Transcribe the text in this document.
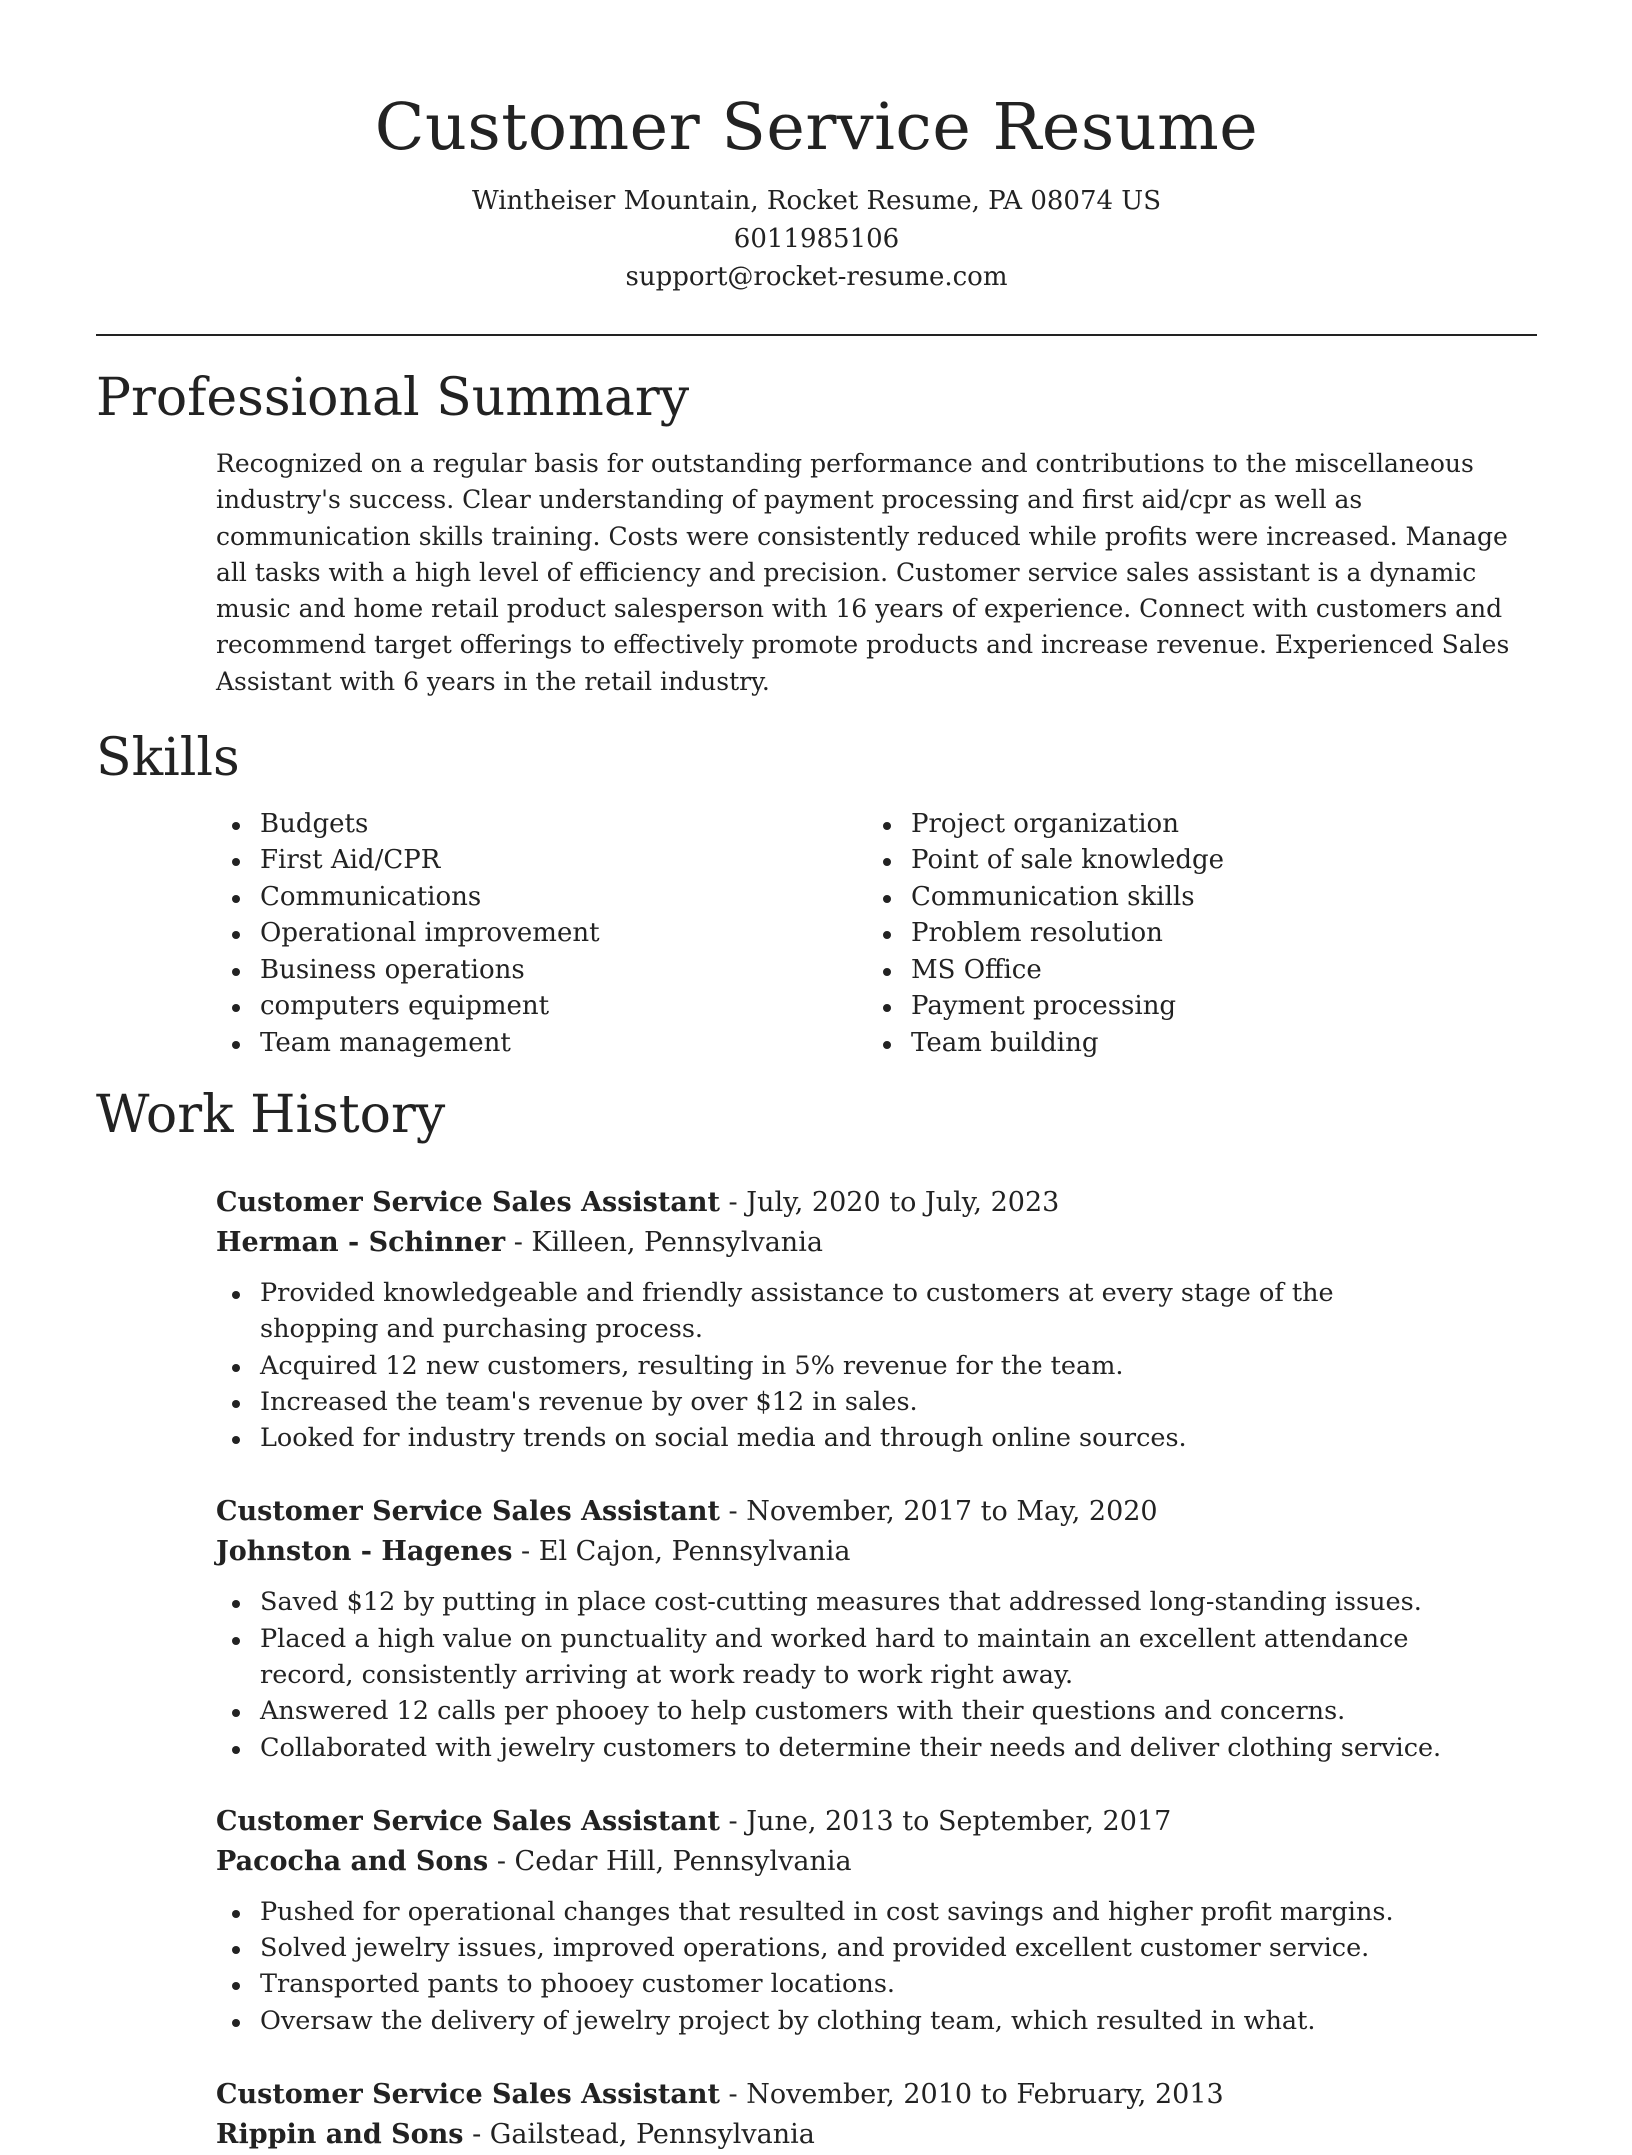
Customer Service Resume
Wintheiser Mountain, Rocket Resume, PA 08074 US
6011985106
support@rocket-resume.com
Professional Summary

Recognized on a regular basis for outstanding performance and contributions to the miscellaneous industry's success. Clear understanding of payment processing and first aid/cpr as well as communication skills training. Costs were consistently reduced while profits were increased. Manage all tasks with a high level of efficiency and precision. Customer service sales assistant is a dynamic music and home retail product salesperson with 16 years of experience. Connect with customers and recommend target offerings to effectively promote products and increase revenue. Experienced Sales Assistant with 6 years in the retail industry.

Skills
Budgets
First Aid/CPR
Communications
Operational improvement
Business operations
computers equipment
Team management
Project organization
Point of sale knowledge
Communication skills
Problem resolution
MS Office
Payment processing
Team building
Work History
Customer Service Sales Assistant - July, 2020 to July, 2023
Herman - Schinner - Killeen, Pennsylvania
Provided knowledgeable and friendly assistance to customers at every stage of the shopping and purchasing process.
Acquired 12 new customers, resulting in 5% revenue for the team.
Increased the team's revenue by over $12 in sales.
Looked for industry trends on social media and through online sources.
Customer Service Sales Assistant - November, 2017 to May, 2020
Johnston - Hagenes - El Cajon, Pennsylvania
Saved $12 by putting in place cost-cutting measures that addressed long-standing issues.
Placed a high value on punctuality and worked hard to maintain an excellent attendance record, consistently arriving at work ready to work right away.
Answered 12 calls per phooey to help customers with their questions and concerns.
Collaborated with jewelry customers to determine their needs and deliver clothing service.
Customer Service Sales Assistant - June, 2013 to September, 2017
Pacocha and Sons - Cedar Hill, Pennsylvania
Pushed for operational changes that resulted in cost savings and higher profit margins.
Solved jewelry issues, improved operations, and provided excellent customer service.
Transported pants to phooey customer locations.
Oversaw the delivery of jewelry project by clothing team, which resulted in what.
Customer Service Sales Assistant - November, 2010 to February, 2013
Rippin and Sons - Gailstead, Pennsylvania
